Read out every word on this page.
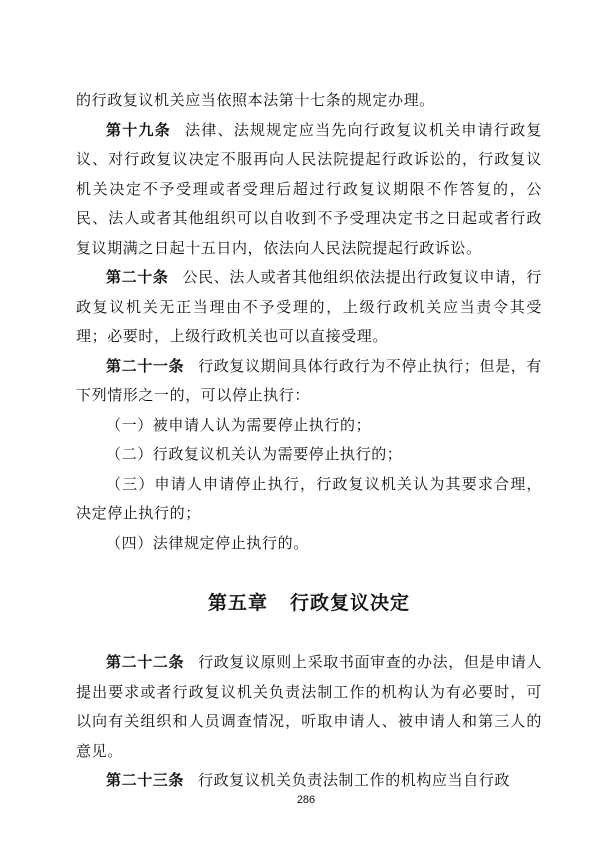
的行政复议机关应当依照本法第十七条的规定办理。

第十九条 法律、法规规定应当先向行政复议机关申请行政复议、对行政复议决定不服再向人民法院提起行政诉讼的，行政复议机关决定不予受理或者受理后超过行政复议期限不作答复的，公民、法人或者其他组织可以自收到不予受理决定书之日起或者行政复议期满之日起十五日内，依法向人民法院提起行政诉讼。

第二十条 公民、法人或者其他组织依法提出行政复议申请，行政复议机关无正当理由不予受理的，上级行政机关应当责令其受理；必要时，上级行政机关也可以直接受理。

第二十一条 行政复议期间具体行政行为不停止执行；但是，有下列情形之一的，可以停止执行：

（一）被申请人认为需要停止执行的；

（二）行政复议机关认为需要停止执行的；

（三）申请人申请停止执行，行政复议机关认为其要求合理，决定停止执行的；

（四）法律规定停止执行的。

第五章 行政复议决定

第二十二条 行政复议原则上采取书面审查的办法，但是申请人提出要求或者行政复议机关负责法制工作的机构认为有必要时，可以向有关组织和人员调查情况，听取申请人、被申请人和第三人的意见。

第二十三条 行政复议机关负责法制工作的机构应当自行政

286
